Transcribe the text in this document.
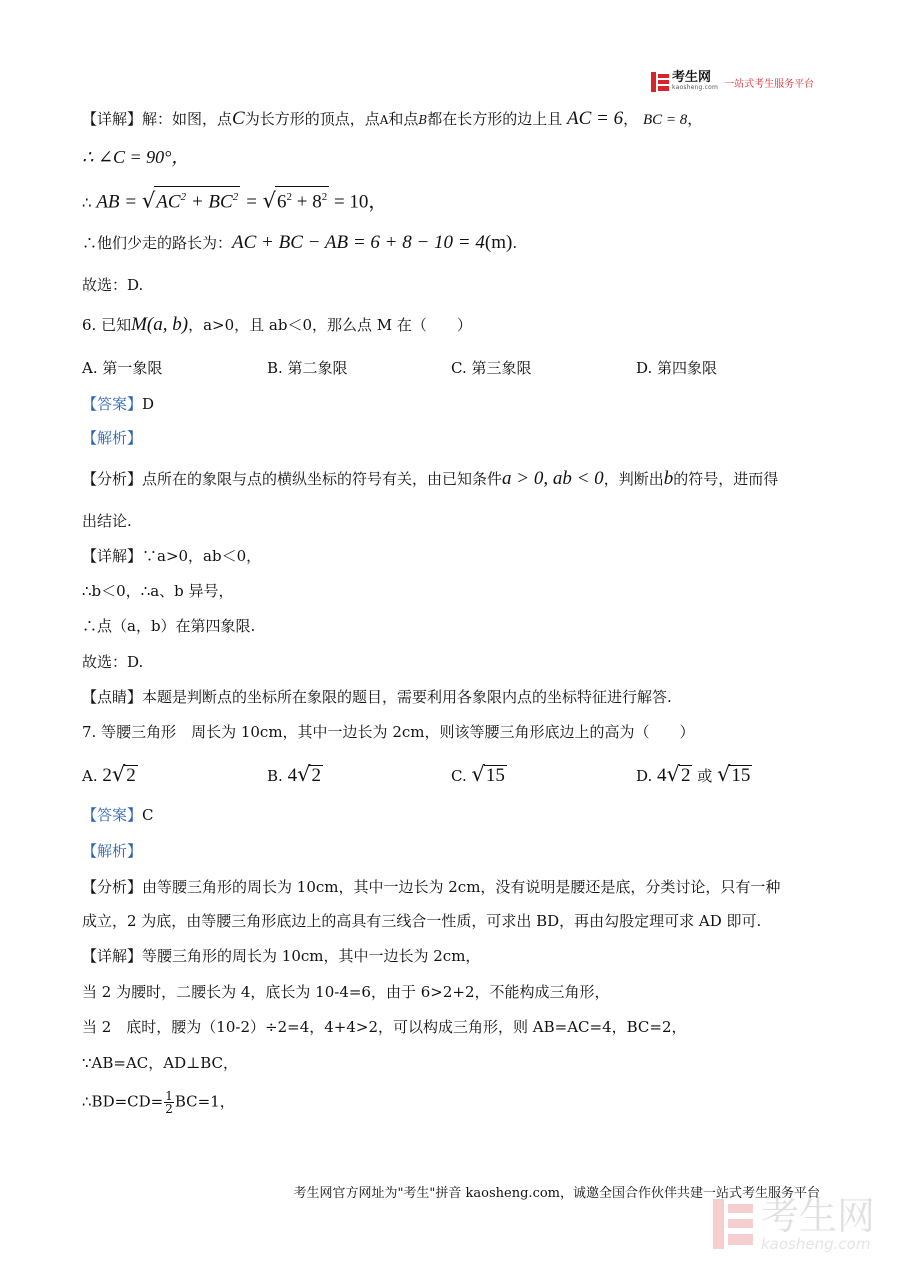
考生网
kaosheng.com 一站式考生服务平台
【详解】解：如图，点C为长方形的顶点，点A和点B都在长方形的边上且 AC = 6， BC = 8，
∴ ∠C = 90°，
∴ AB = $√AC^2 + BC^2 = √6^2 + 8^2 = 10$，
∴他们少走的路长为：AC + BC − AB = 6 + 8 − 10 = 4(m).
故选：D.
6. 已知M(a, b)，a>0，且 ab＜0，那么点 M 在（　　）
A. 第一象限	B. 第二象限	C. 第三象限	D. 第四象限
【答案】D
【解析】
【分析】点所在的象限与点的横纵坐标的符号有关，由已知条件a > 0, ab < 0，判断出b的符号，进而得
出结论.
【详解】∵a>0，ab＜0，
∴b＜0，∴a、b 异号，
∴点（a，b）在第四象限.
故选：D.
【点睛】本题是判断点的坐标所在象限的题目，需要利用各象限内点的坐标特征进行解答.
7. 等腰三角形　周长为 10cm，其中一边长为 2cm，则该等腰三角形底边上的高为（　　）
A. 2√2	B. 4√2	C. √15	D. 4√2 或 √15
【答案】C
【解析】
【分析】由等腰三角形的周长为 10cm，其中一边长为 2cm，没有说明是腰还是底，分类讨论，只有一种
成立，2 为底，由等腰三角形底边上的高具有三线合一性质，可求出 BD，再由勾股定理可求 AD 即可.
【详解】等腰三角形的周长为 10cm，其中一边长为 2cm，
当 2 为腰时，二腰长为 4，底长为 10-4=6，由于 6>2+2，不能构成三角形，
当 2　底时，腰为（10-2）÷2=4，4+4>2，可以构成三角形，则 AB=AC=4，BC=2，
∵AB=AC，AD⊥BC，
∴BD=CD= $\frac{1}{2} BC=1$，
考生网官方网址为"考生"拼音 kaosheng.com，诚邀全国合作伙伴共建一站式考生服务平台
考生网
kaosheng.com
